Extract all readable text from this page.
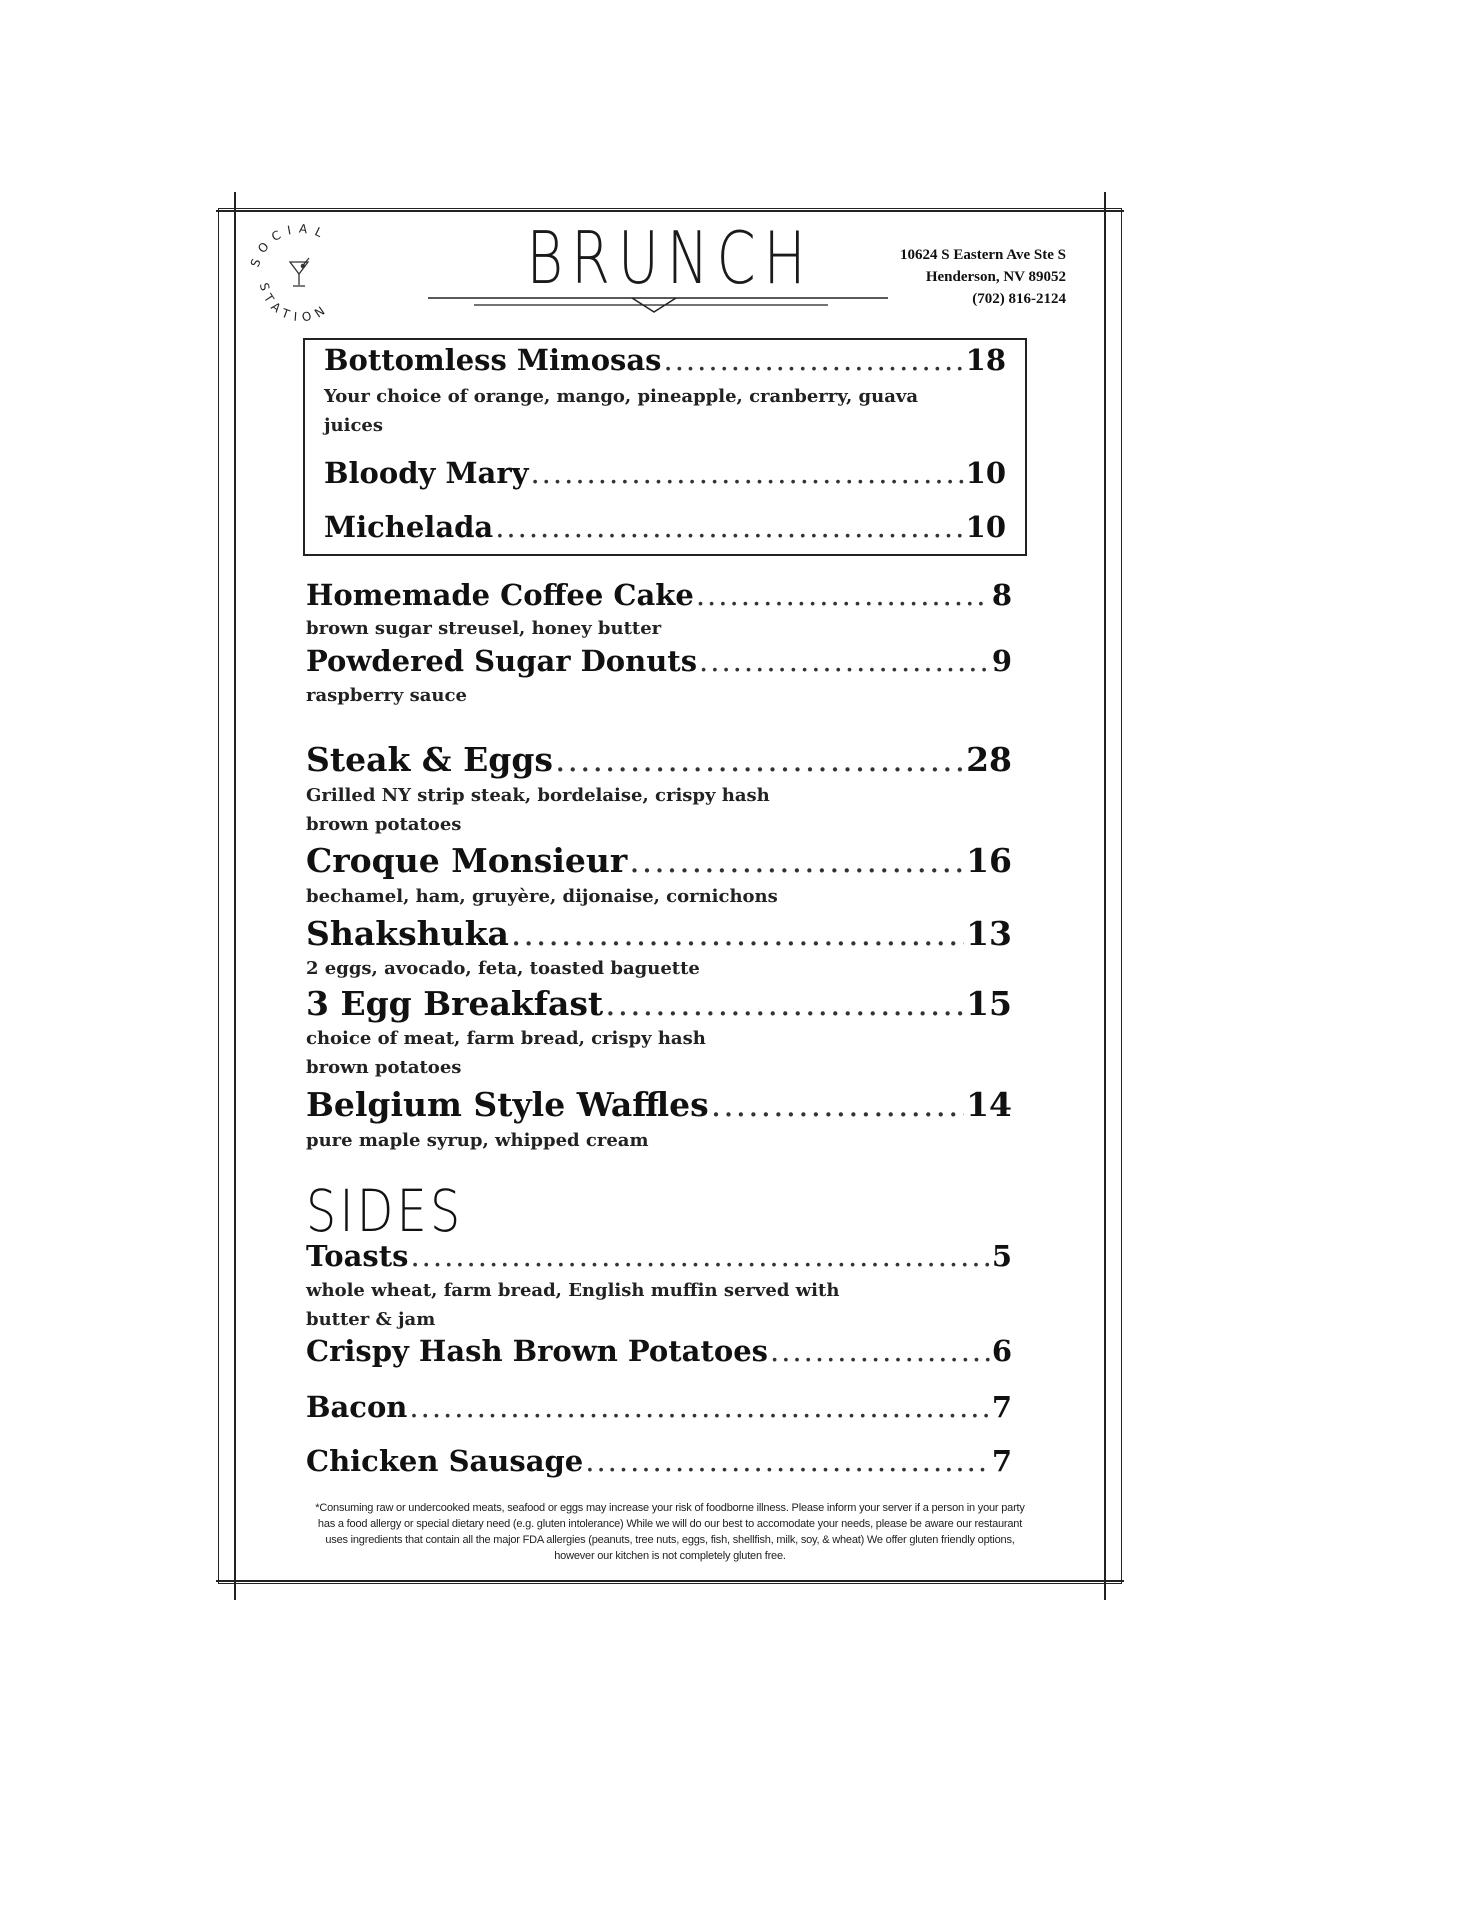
SOCIAL
STATION
BRUNCH	10624 S Eastern Ave Ste S
Henderson, NV 89052
(702) 816-2124
Bottomless Mimosas .....	18
Your choice of orange, mango, pineapple, cranberry, guava juices
Bloody Mary .....	10
Michelada .....	10
Homemade Coffee Cake .....	8
brown sugar streusel, honey butter
Powdered Sugar Donuts .....	9
raspberry sauce
Steak & Eggs .....	28
Grilled NY strip steak, bordelaise, crispy hash
brown potatoes
Croque Monsieur .....	16
bechamel, ham, gruyère, dijonaise, cornichons
Shakshuka .....	13
2 eggs, avocado, feta, toasted baguette
3 Egg Breakfast .....	15
choice of meat, farm bread, crispy hash
brown potatoes
Belgium Style Waffles .....	14
pure maple syrup, whipped cream
SIDES
Toasts .....	5
whole wheat, farm bread, English muffin served with
butter & jam
Crispy Hash Brown Potatoes .....	6
Bacon .....	7
Chicken Sausage .....	7
*Consuming raw or undercooked meats, seafood or eggs may increase your risk of foodborne illness. Please inform your server if a person in your party
has a food allergy or special dietary need (e.g. gluten intolerance) While we will do our best to accomodate your needs, please be aware our restaurant
uses ingredients that contain all the major FDA allergies (peanuts, tree nuts, eggs, fish, shellfish, milk, soy, & wheat) We offer gluten friendly options,
however our kitchen is not completely gluten free.
